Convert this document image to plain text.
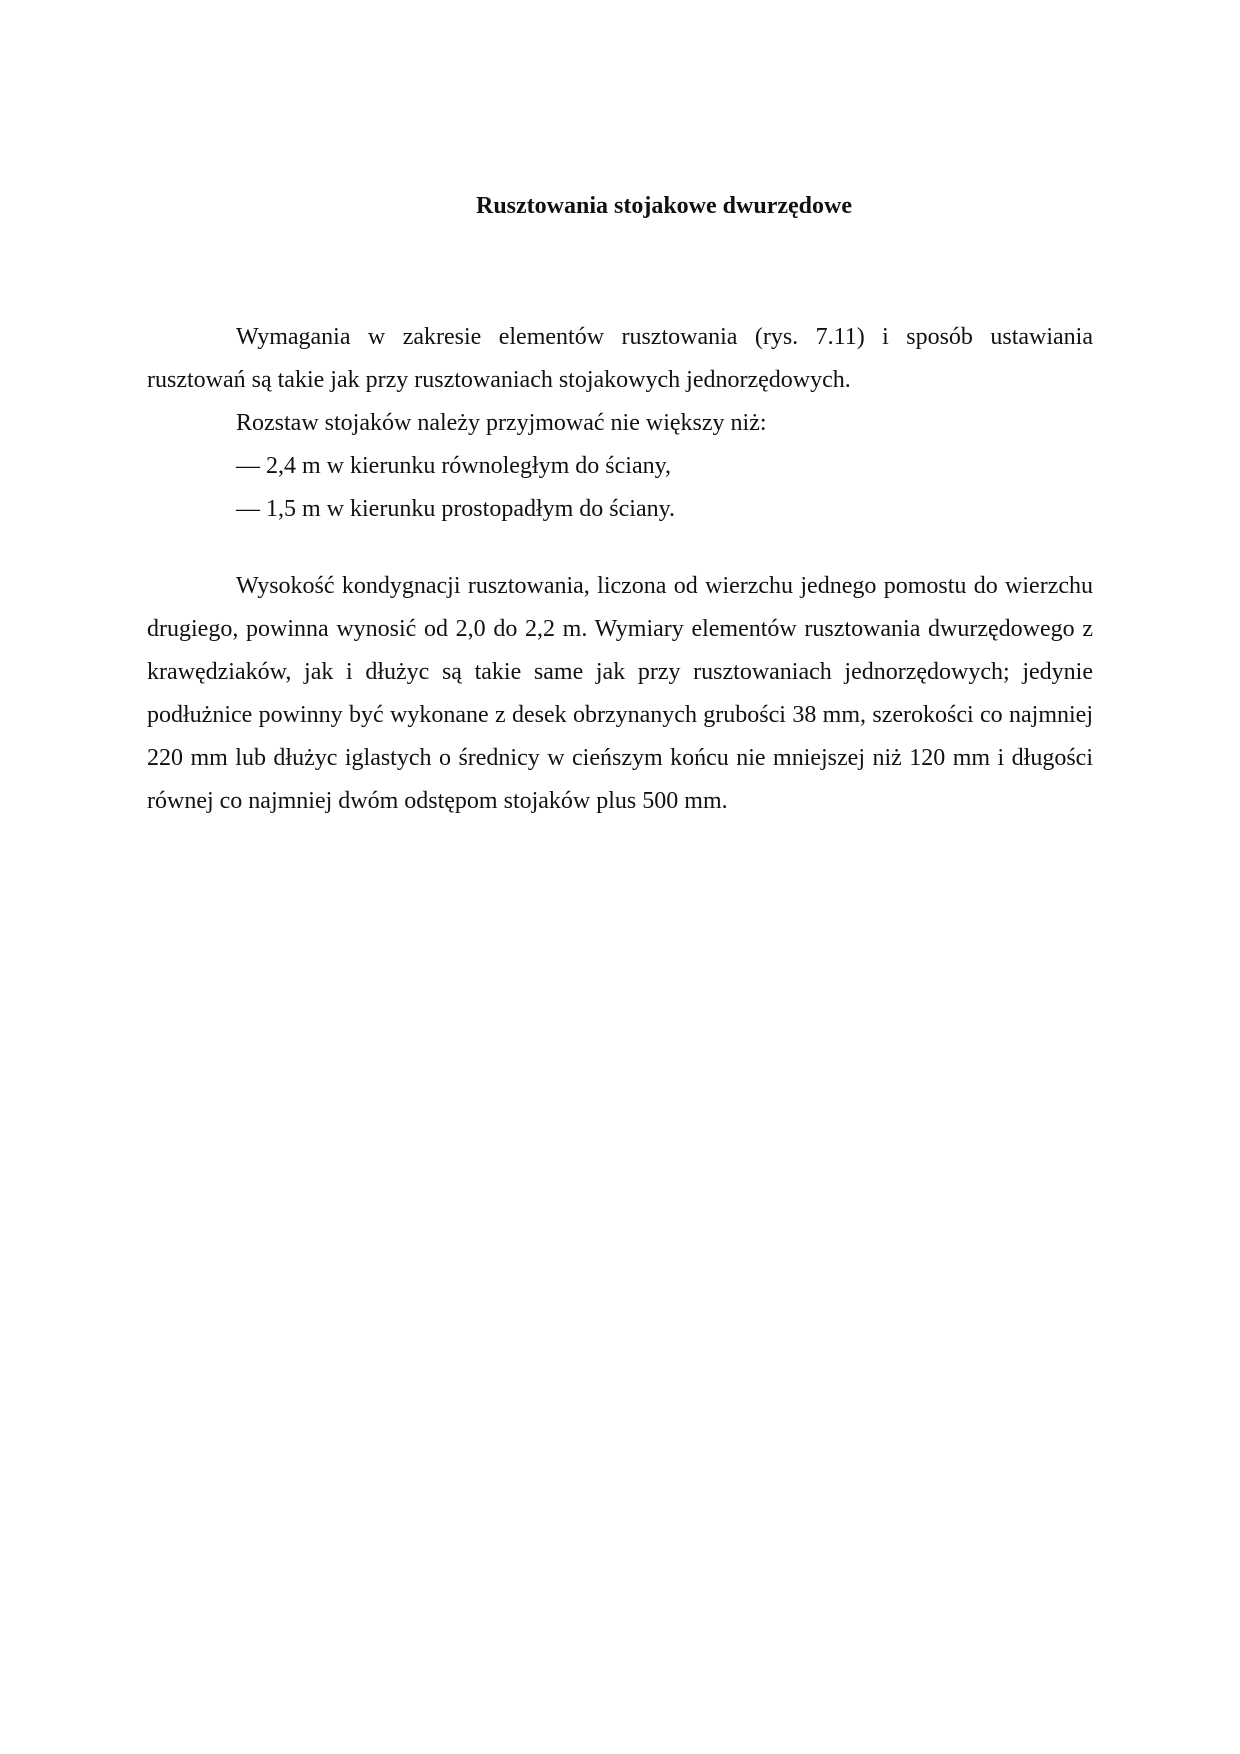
Rusztowania stojakowe dwurzędowe

Wymagania w zakresie elementów rusztowania (rys. 7.11) i sposób ustawiania rusztowań są takie jak przy rusztowaniach stojakowych jednorzędowych.

Rozstaw stojaków należy przyjmować nie większy niż:

— 2,4 m w kierunku równoległym do ściany,

— 1,5 m w kierunku prostopadłym do ściany.

Wysokość kondygnacji rusztowania, liczona od wierzchu jednego pomostu do wierzchu drugiego, powinna wynosić od 2,0 do 2,2 m. Wymiary elementów rusztowania dwurzędowego z krawędziaków, jak i dłużyc są takie same jak przy rusztowaniach jednorzędowych; jedynie podłużnice powinny być wykonane z desek obrzynanych grubości 38 mm, szerokości co najmniej 220 mm lub dłużyc iglastych o średnicy w cieńszym końcu nie mniejszej niż 120 mm i długości równej co najmniej dwóm odstępom stojaków plus 500 mm.
